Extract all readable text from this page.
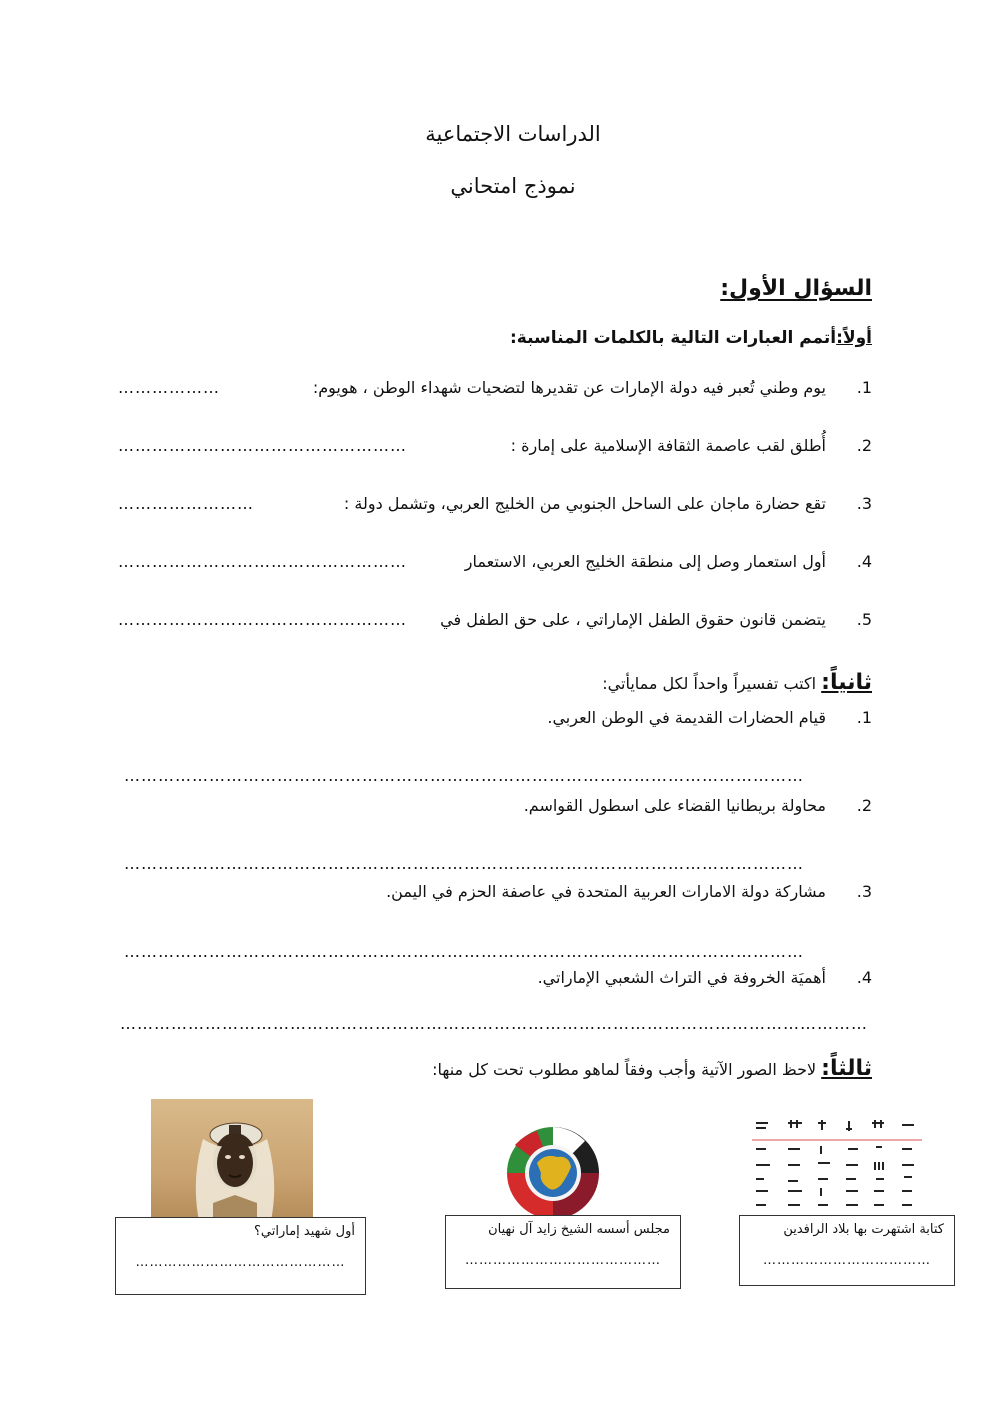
الدراسات الاجتماعية
نموذج امتحاني
السؤال الأول:
أولاً:أتمم العبارات التالية بالكلمات المناسبة:
1.
يوم وطني تُعبر فيه دولة الإمارات عن تقديرها لتضحيات شهداء الوطن ، هويوم:
………………
2.
أُطلق لقب عاصمة الثقافة الإسلامية على إمارة :
……………………………………………
3.
تقع حضارة ماجان على الساحل الجنوبي من الخليج العربي، وتشمل دولة :
……………………
4.
أول استعمار وصل إلى منطقة الخليج العربي، الاستعمار
……………………………………………
5.
يتضمن قانون حقوق الطفل الإماراتي ، على حق الطفل في
……………………………………………
ثانياً: اكتب تفسيراً واحداً لكل ممايأتي:
1.
قيام الحضارات القديمة في الوطن العربي.
…………………………………………………………………………………………………………
2.
محاولة بريطانيا القضاء على اسطول القواسم.
…………………………………………………………………………………………………………
3.
مشاركة دولة الامارات العربية المتحدة في عاصفة الحزم في اليمن.
…………………………………………………………………………………………………………
4.
أهميَة الخروفة في التراث الشعبي الإماراتي.
……………………………………………………………………………………………………………………
ثالثاً: لاحظ الصور الآتية وأجب وفقاً لماهو مطلوب تحت كل منها:
أول شهيد إماراتي؟
………………………………………
مجلس أسسه الشيخ زايد آل نهيان
……………………………………
كتابة اشتهرت بها بلاد الرافدين
………………………………
